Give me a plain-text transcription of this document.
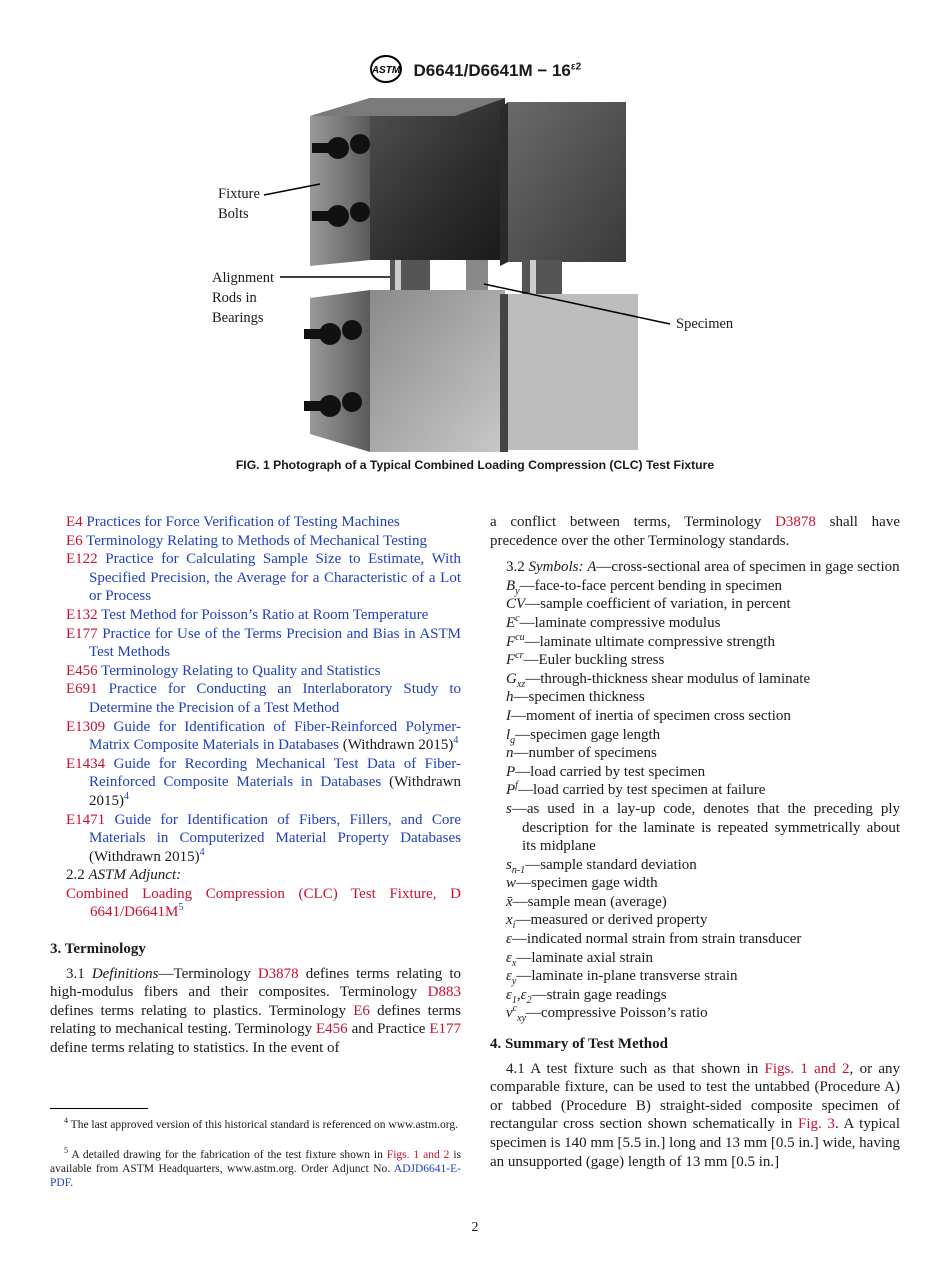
ASTM $D6641/D6641M - 16^{\varepsilon 2}$
Fixture
Bolts
Alignment
Rods in
Bearings	Specimen
FIG. 1 Photograph of a Typical Combined Loading Compression (CLC) Test Fixture

E4 Practices for Force Verification of Testing Machines

E6 Terminology Relating to Methods of Mechanical Testing

E122 Practice for Calculating Sample Size to Estimate, With Specified Precision, the Average for a Characteristic of a Lot or Process

E132 Test Method for Poisson’s Ratio at Room Temperature

E177 Practice for Use of the Terms Precision and Bias in ASTM Test Methods

E456 Terminology Relating to Quality and Statistics

E691 Practice for Conducting an Interlaboratory Study to Determine the Precision of a Test Method

E1309 Guide for Identification of Fiber-Reinforced Polymer-Matrix Composite Materials in Databases (Withdrawn 2015)$^4$

E1434 Guide for Recording Mechanical Test Data of Fiber-Reinforced Composite Materials in Databases (Withdrawn 2015)$^4$

E1471 Guide for Identification of Fibers, Fillers, and Core Materials in Computerized Material Property Databases (Withdrawn 2015)$^4$

2.2 ASTM Adjunct:

Combined Loading Compression (CLC) Test Fixture, D $6641/D6641M^5$

3. Terminology

3.1 Definitions—Terminology D3878 defines terms relating to high-modulus fibers and their composites. Terminology D883 defines terms relating to plastics. Terminology E6 defines terms relating to mechanical testing. Terminology E456 and Practice E177 define terms relating to statistics. In the event of

a conflict between terms, Terminology D3878 shall have precedence over the other Terminology standards.

3.2 Symbols: A—cross-sectional area of specimen in gage section

$B_y—face-to$-face percent bending in specimen
CV—sample coefficient of variation, in percent
$E^c—laminate$ compressive modulus
$F^{cu}—laminate$ ultimate compressive strength
$F^{cr}—Euler$ buckling stress
$G_{xz}—through$-thickness shear modulus of laminate
h—specimen thickness
I—moment of inertia of specimen cross section
$l_g—specimen$ gage length
n—number of specimens
P—load carried by test specimen
$P^f—load$ carried by test specimen at failure
s—as used in a lay-up code, denotes that the preceding ply description for the laminate is repeated symmetrically about its midplane
$s_{n-1}—sample$ standard deviation
w—specimen gage width
x̄—sample mean (average)
$x_i—measured$ or derived property
ε—indicated normal strain from strain transducer
$\varepsilon_x—laminate$ axial strain
$\varepsilon_y—laminate$ in-plane transverse strain
$\varepsilon_1,\varepsilon_2—strain$ gage readings
$\nu^c_{xy}—compressive$ Poisson’s ratio
4. Summary of Test Method

4.1 A test fixture such as that shown in Figs. 1 and 2, or any comparable fixture, can be used to test the untabbed (Procedure A) or tabbed (Procedure B) straight-sided composite specimen of rectangular cross section shown schematically in Fig. 3. A typical specimen is 140 mm [5.5 in.] long and 13 mm [0.5 in.] wide, having an unsupported (gage) length of 13 mm [0.5 in.]

$^4$ The last approved version of this historical standard is referenced on www.astm.org.
$^5$ A detailed drawing for the fabrication of the test fixture shown in Figs. 1 and 2 is available from ASTM Headquarters, www.astm.org. Order Adjunct No. ADJD6641-E-PDF.
2
